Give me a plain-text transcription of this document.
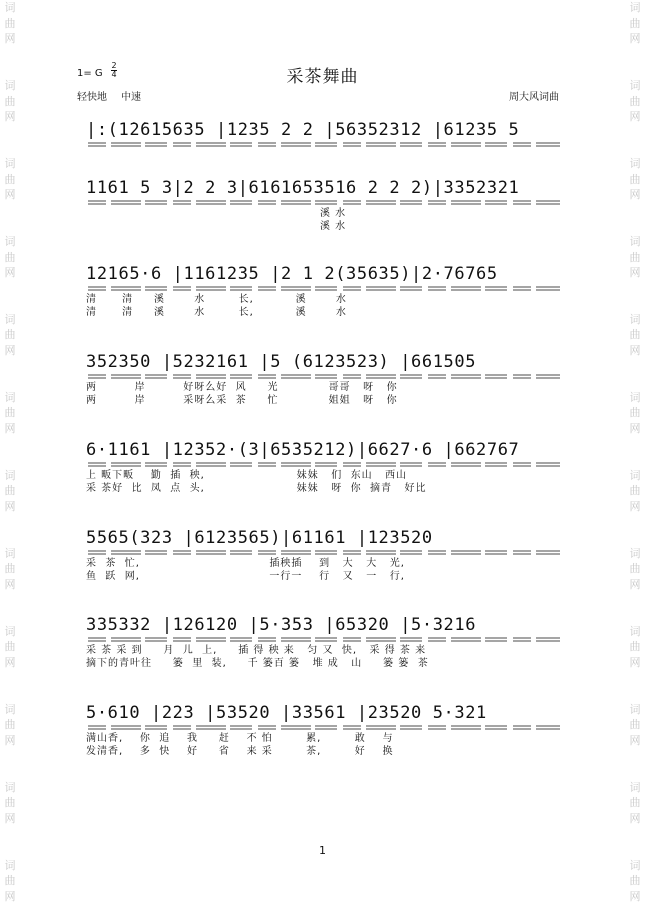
词
曲
网

词
曲
网

词
曲
网

词
曲
网

词
曲
网

词
曲
网

词
曲
网

词
曲
网

词
曲
网

词
曲
网

词
曲
网

词
曲
网
词
曲
网

词
曲
网

词
曲
网

词
曲
网

词
曲
网

词
曲
网

词
曲
网

词
曲
网

词
曲
网

词
曲
网

词
曲
网

词
曲
网
采茶舞曲
1= G
2
4
轻快地 中速	周大风词曲
|:(1̇2̇6̇1̇5635 |1235 2 2 |56352312 |61235 5
1161 5 3|2 2 3|6161653516 2 2 2)|3352321
溪 水
溪 水
12165·6 |1161235 |2 1 2(35635)|2·76765
清      清     溪       水        长,          溪       水
清      清     溪       水        长,          溪       水
352350 |5232161 |5 (6123523) |661505
两         岸         好呀么好  风     光            哥哥   呀   你
两         岸         采呀么采  茶     忙            姐姐   呀   你
6·1161 |12352·(3|6535212)|6627·6 |662767
上 畈下畈    勤  插  秧,                      妹妹   们  东山   西山
采 茶好  比  凤  点  头,                      妹妹   呀  你  摘青   好比
5565(323 |6123565)|61161 |123520
采  茶  忙,                               插秧插    到   大   大   光,
鱼  跃  网,                               一行一    行   又   一   行,
335332 |126120 |5·353 |65320 |5·3216
采 茶 采 到     月  儿  上,     插 得 秧 来   匀 又  快,   采 得 茶 来
摘下的青叶往     篓  里  装,     千 篓百 篓   堆 成   山     篓 篓  茶
5·610 |223 |53520 |33561 |23520 5·321
满山香,    你  追    我     赶    不 怕        累,        敢    与
发清香,    多  快    好     省    来 采        茶,        好    换
1
